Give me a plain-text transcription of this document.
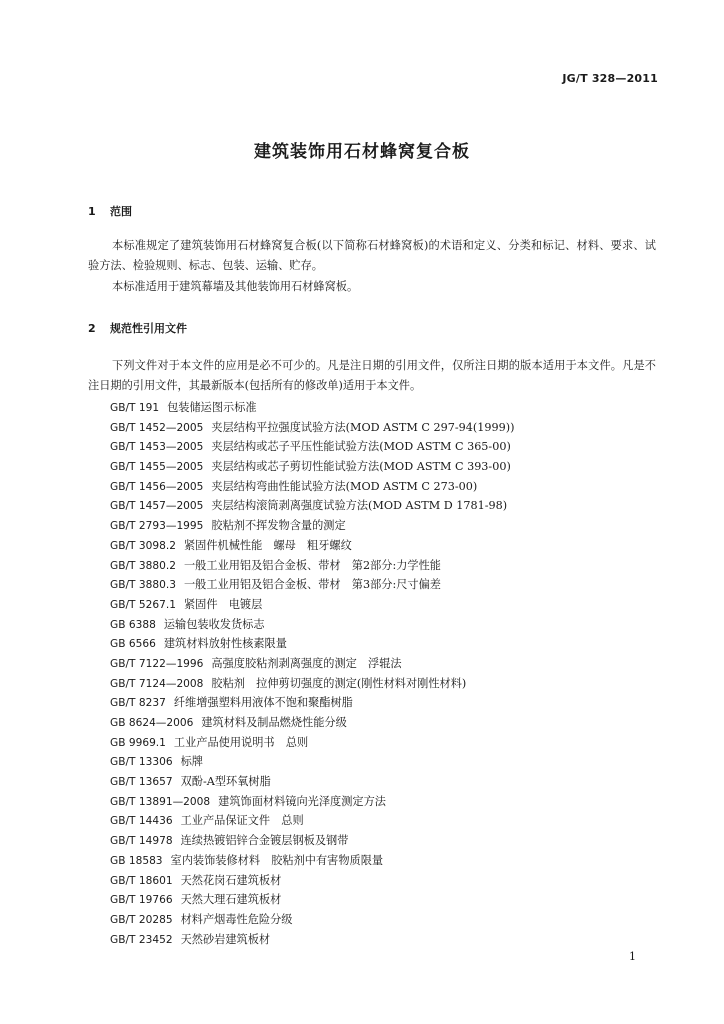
JG/T 328—2011
建筑装饰用石材蜂窝复合板
1 范围

本标准规定了建筑装饰用石材蜂窝复合板(以下简称石材蜂窝板)的术语和定义、分类和标记、材料、要求、试验方法、检验规则、标志、包装、运输、贮存。

本标准适用于建筑幕墙及其他装饰用石材蜂窝板。

2 规范性引用文件

下列文件对于本文件的应用是必不可少的。凡是注日期的引用文件，仅所注日期的版本适用于本文件。凡是不注日期的引用文件，其最新版本(包括所有的修改单)适用于本文件。

GB/T 191 包装储运图示标准
GB/T 1452—2005 夹层结构平拉强度试验方法(MOD ASTM C 297-94(1999))
GB/T 1453—2005 夹层结构或芯子平压性能试验方法(MOD ASTM C 365-00)
GB/T 1455—2005 夹层结构或芯子剪切性能试验方法(MOD ASTM C 393-00)
GB/T 1456—2005 夹层结构弯曲性能试验方法(MOD ASTM C 273-00)
GB/T 1457—2005 夹层结构滚筒剥离强度试验方法(MOD ASTM D 1781-98)
GB/T 2793—1995 胶粘剂不挥发物含量的测定
GB/T 3098.2 紧固件机械性能　螺母　粗牙螺纹
GB/T 3880.2 一般工业用铝及铝合金板、带材　第2部分:力学性能
GB/T 3880.3 一般工业用铝及铝合金板、带材　第3部分:尺寸偏差
GB/T 5267.1 紧固件　电镀层
GB 6388 运输包装收发货标志
GB 6566 建筑材料放射性核素限量
GB/T 7122—1996 高强度胶粘剂剥离强度的测定　浮辊法
GB/T 7124—2008 胶粘剂　拉伸剪切强度的测定(刚性材料对刚性材料)
GB/T 8237 纤维增强塑料用液体不饱和聚酯树脂
GB 8624—2006 建筑材料及制品燃烧性能分级
GB 9969.1 工业产品使用说明书　总则
GB/T 13306 标牌
GB/T 13657 双酚-A型环氧树脂
GB/T 13891—2008 建筑饰面材料镜向光泽度测定方法
GB/T 14436 工业产品保证文件　总则
GB/T 14978 连续热镀铝锌合金镀层钢板及钢带
GB 18583 室内装饰装修材料　胶粘剂中有害物质限量
GB/T 18601 天然花岗石建筑板材
GB/T 19766 天然大理石建筑板材
GB/T 20285 材料产烟毒性危险分级
GB/T 23452 天然砂岩建筑板材
1
